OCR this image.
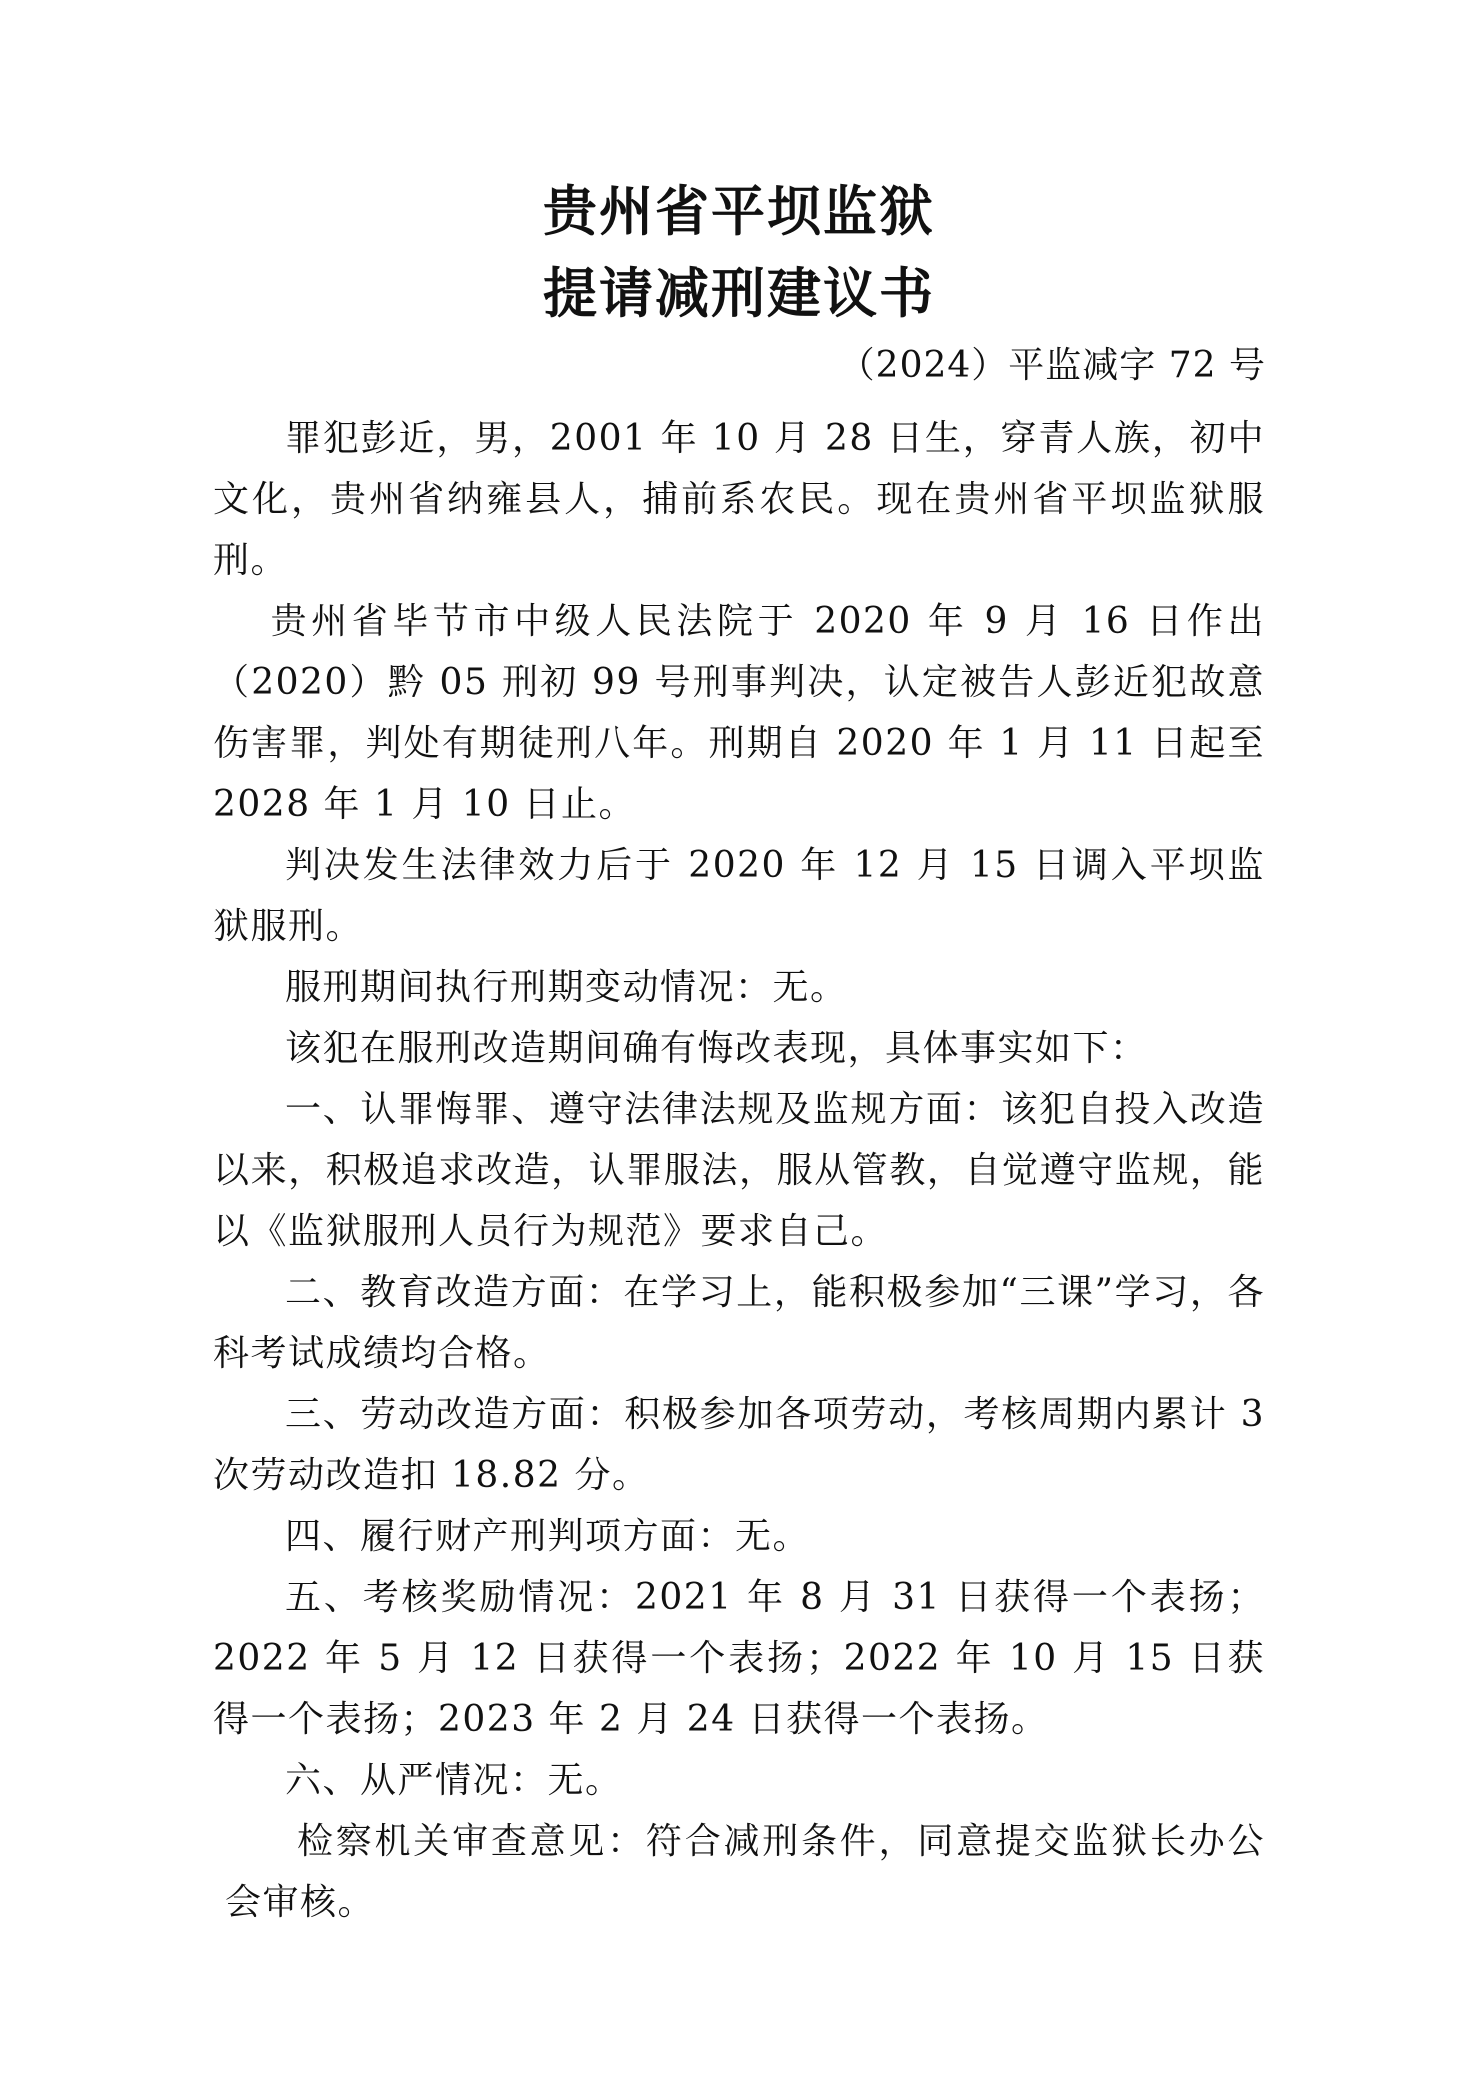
贵州省平坝监狱
提请减刑建议书
（2024）平监减字 72 号

罪犯彭近，男，2001 年 10 月 28 日生，穿青人族，初中文化，贵州省纳雍县人，捕前系农民。现在贵州省平坝监狱服刑。

贵州省毕节市中级人民法院于 2020 年 9 月 16 日作出（2020）黔 05 刑初 99 号刑事判决，认定被告人彭近犯故意伤害罪，判处有期徒刑八年。刑期自 2020 年 1 月 11 日起至 2028 年 1 月 10 日止。

判决发生法律效力后于 2020 年 12 月 15 日调入平坝监狱服刑。

服刑期间执行刑期变动情况：无。

该犯在服刑改造期间确有悔改表现，具体事实如下：

一、认罪悔罪、遵守法律法规及监规方面：该犯自投入改造以来，积极追求改造，认罪服法，服从管教，自觉遵守监规，能以《监狱服刑人员行为规范》要求自己。

二、教育改造方面：在学习上，能积极参加“三课”学习，各科考试成绩均合格。

三、劳动改造方面：积极参加各项劳动，考核周期内累计 3 次劳动改造扣 18.82 分。

四、履行财产刑判项方面：无。

五、考核奖励情况：2021 年 8 月 31 日获得一个表扬；2022 年 5 月 12 日获得一个表扬；2022 年 10 月 15 日获得一个表扬；2023 年 2 月 24 日获得一个表扬。

六、从严情况：无。

检察机关审查意见：符合减刑条件，同意提交监狱长办公会审核。
